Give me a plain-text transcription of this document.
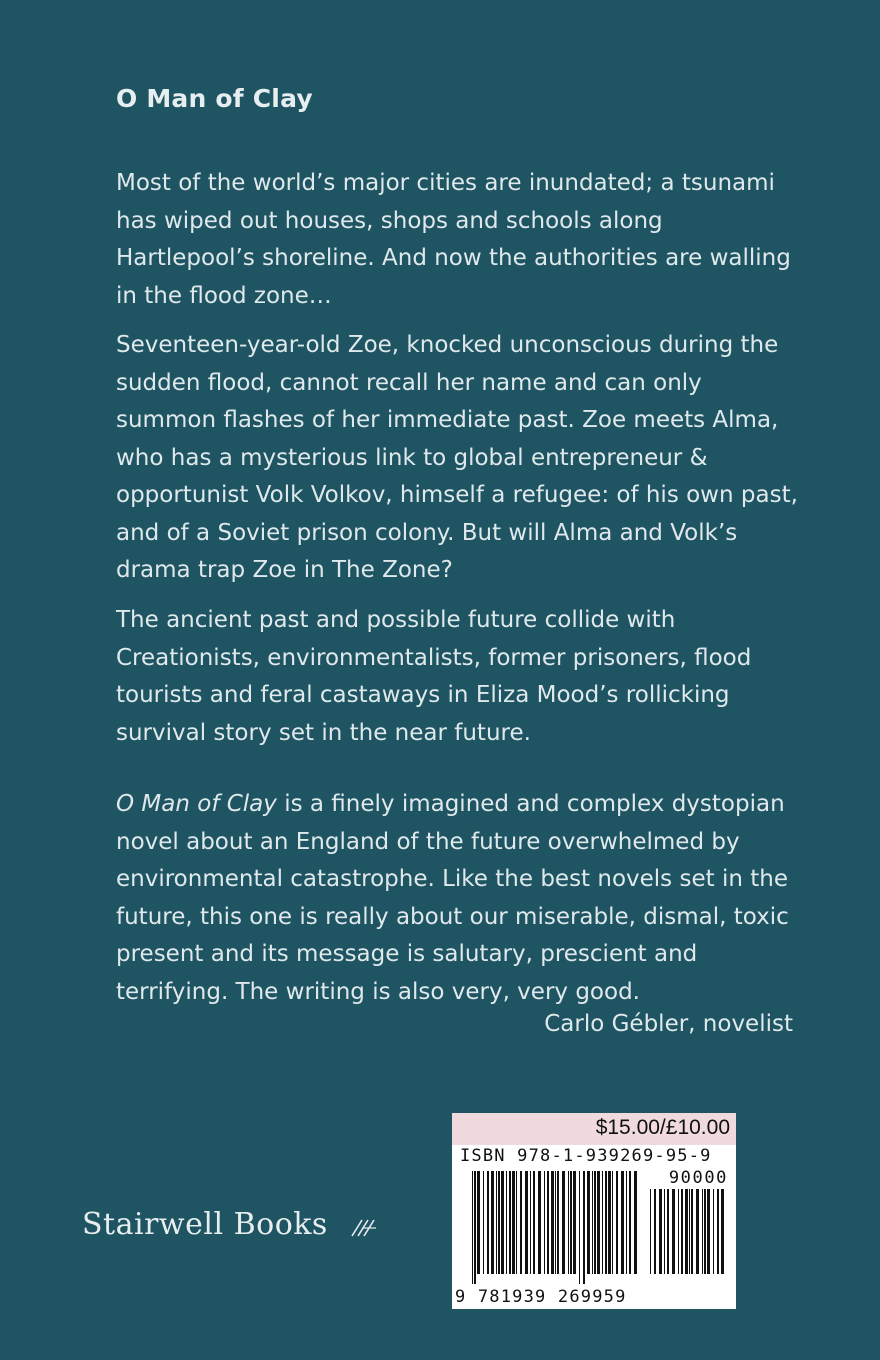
O Man of Clay

Most of the world’s major cities are inundated; a tsunami has wiped out houses, shops and schools along Hartlepool’s shoreline. And now the authorities are walling in the flood zone…

Seventeen-year-old Zoe, knocked unconscious during the sudden flood, cannot recall her name and can only summon flashes of her immediate past. Zoe meets Alma, who has a mysterious link to global entrepreneur & opportunist Volk Volkov, himself a refugee: of his own past, and of a Soviet prison colony. But will Alma and Volk’s drama trap Zoe in The Zone?

The ancient past and possible future collide with Creationists, environmentalists, former prisoners, flood tourists and feral castaways in Eliza Mood’s rollicking survival story set in the near future.

O Man of Clay is a finely imagined and complex dystopian novel about an England of the future overwhelmed by environmental catastrophe. Like the best novels set in the future, this one is really about our miserable, dismal, toxic present and its message is salutary, prescient and terrifying. The writing is also very, very good.

Carlo Gébler, novelist
Stairwell Books
$15.00/£10.00
ISBN 978-1-939269-95-9
90000
9 781939 269959
